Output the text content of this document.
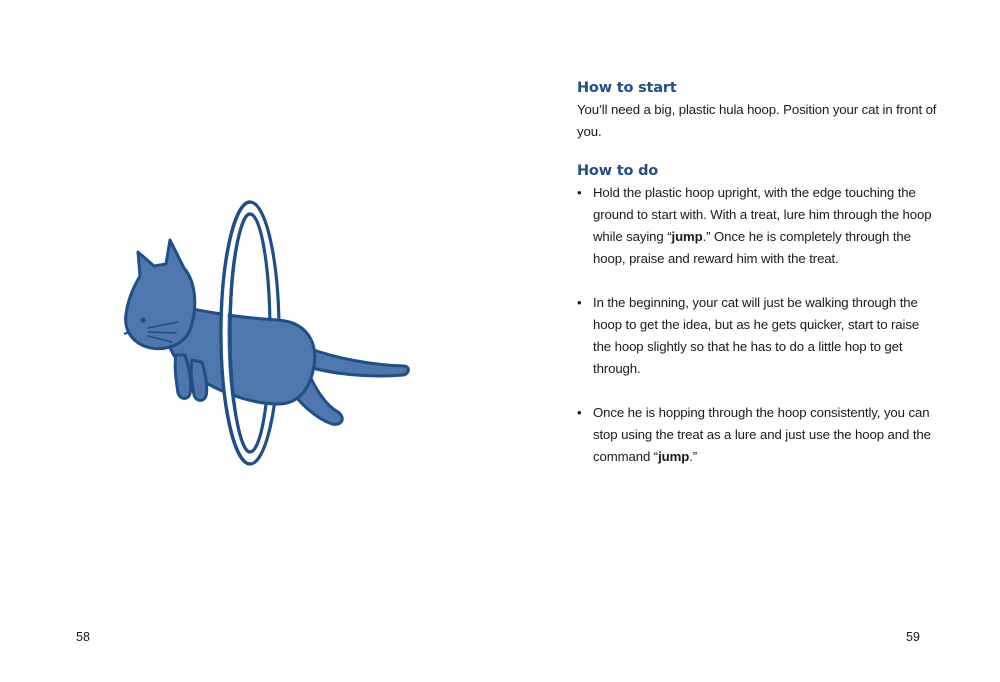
58
How to start

You’ll need a big, plastic hula hoop. Position your cat in front of you.

How to do
• Hold the plastic hoop upright, with the edge touching the ground to start with. With a treat, lure him through the hoop while saying “jump.” Once he is completely through the hoop, praise and reward him with the treat.
• In the beginning, your cat will just be walking through the hoop to get the idea, but as he gets quicker, start to raise the hoop slightly so that he has to do a little hop to get through.
• Once he is hopping through the hoop consistently, you can stop using the treat as a lure and just use the hoop and the command “jump.”
59
